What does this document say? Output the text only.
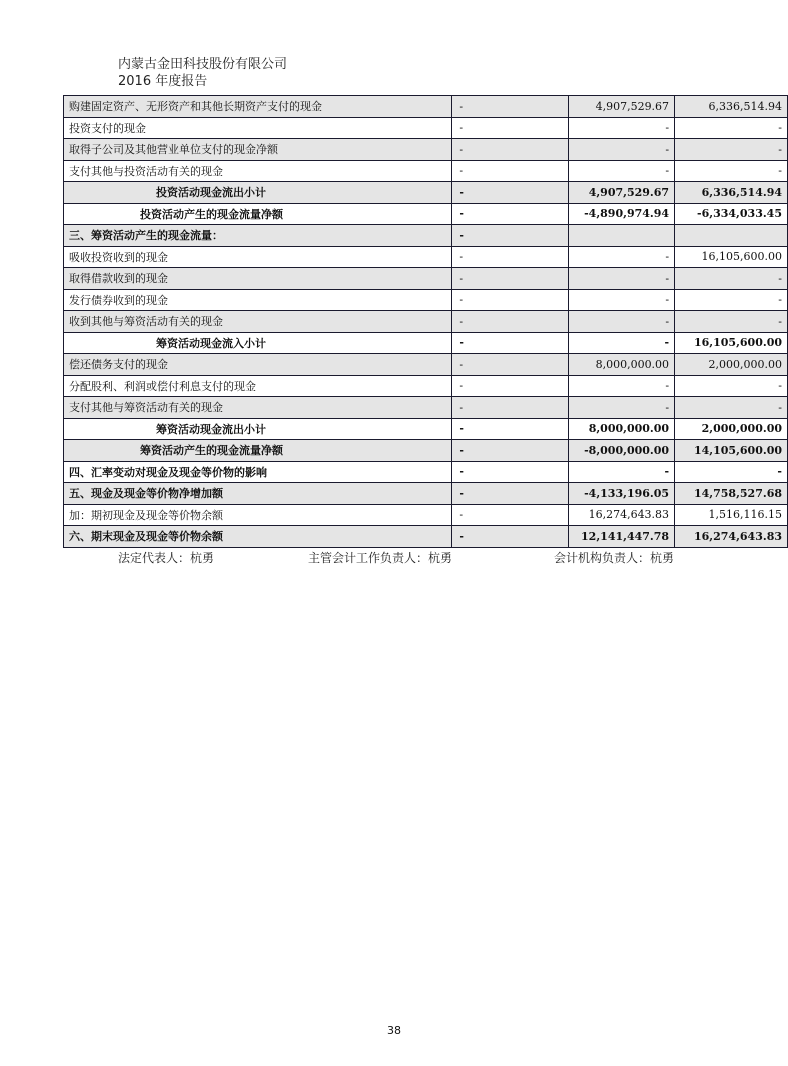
内蒙古金田科技股份有限公司
2016 年度报告
购建固定资产、无形资产和其他长期资产支付的现金	-	4,907,529.67	6,336,514.94
投资支付的现金	-	-	-
取得子公司及其他营业单位支付的现金净额	-	-	-
支付其他与投资活动有关的现金	-	-	-
投资活动现金流出小计	-	4,907,529.67	6,336,514.94
投资活动产生的现金流量净额	-	-4,890,974.94	-6,334,033.45
三、筹资活动产生的现金流量：	-		
吸收投资收到的现金	-	-	16,105,600.00
取得借款收到的现金	-	-	-
发行债券收到的现金	-	-	-
收到其他与筹资活动有关的现金	-	-	-
筹资活动现金流入小计	-	-	16,105,600.00
偿还债务支付的现金	-	8,000,000.00	2,000,000.00
分配股利、利润或偿付利息支付的现金	-	-	-
支付其他与筹资活动有关的现金	-	-	-
筹资活动现金流出小计	-	8,000,000.00	2,000,000.00
筹资活动产生的现金流量净额	-	-8,000,000.00	14,105,600.00
四、汇率变动对现金及现金等价物的影响	-	-	-
五、现金及现金等价物净增加额	-	-4,133,196.05	14,758,527.68
加：期初现金及现金等价物余额	-	16,274,643.83	1,516,116.15
六、期末现金及现金等价物余额	-	12,141,447.78	16,274,643.83
法定代表人：杭勇	主管会计工作负责人：杭勇	会计机构负责人：杭勇
38
